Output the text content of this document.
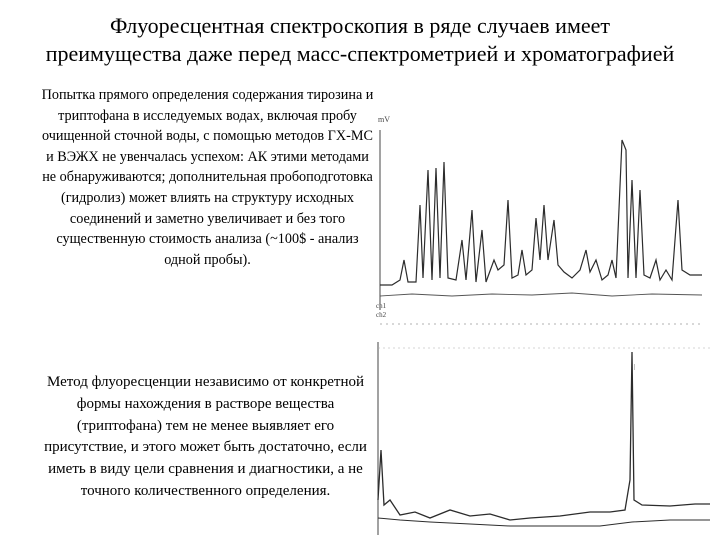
Флуоресцентная спектроскопия в ряде случаев имеет
преимущества даже перед масс-спектрометрией и хроматографией

Попытка прямого определения содержания тирозина и триптофана в исследуемых водах, включая пробу очищенной сточной воды, с помощью методов ГХ-МС и ВЭЖХ не увенчалась успехом: АК этими методами не обнаруживаются; дополнительная пробоподготовка (гидролиз) может влиять на структуру исходных соединений и заметно увеличивает и без того существенную стоимость анализа (~100$ - анализ одной пробы).

Метод флуоресценции независимо от конкретной формы нахождения в растворе вещества (триптофана) тем не менее выявляет его присутствие, и этого может быть достаточно, если иметь в виду цели сравнения и диагностики, а не точного количественного определения.

mV
ch1
ch2
—
